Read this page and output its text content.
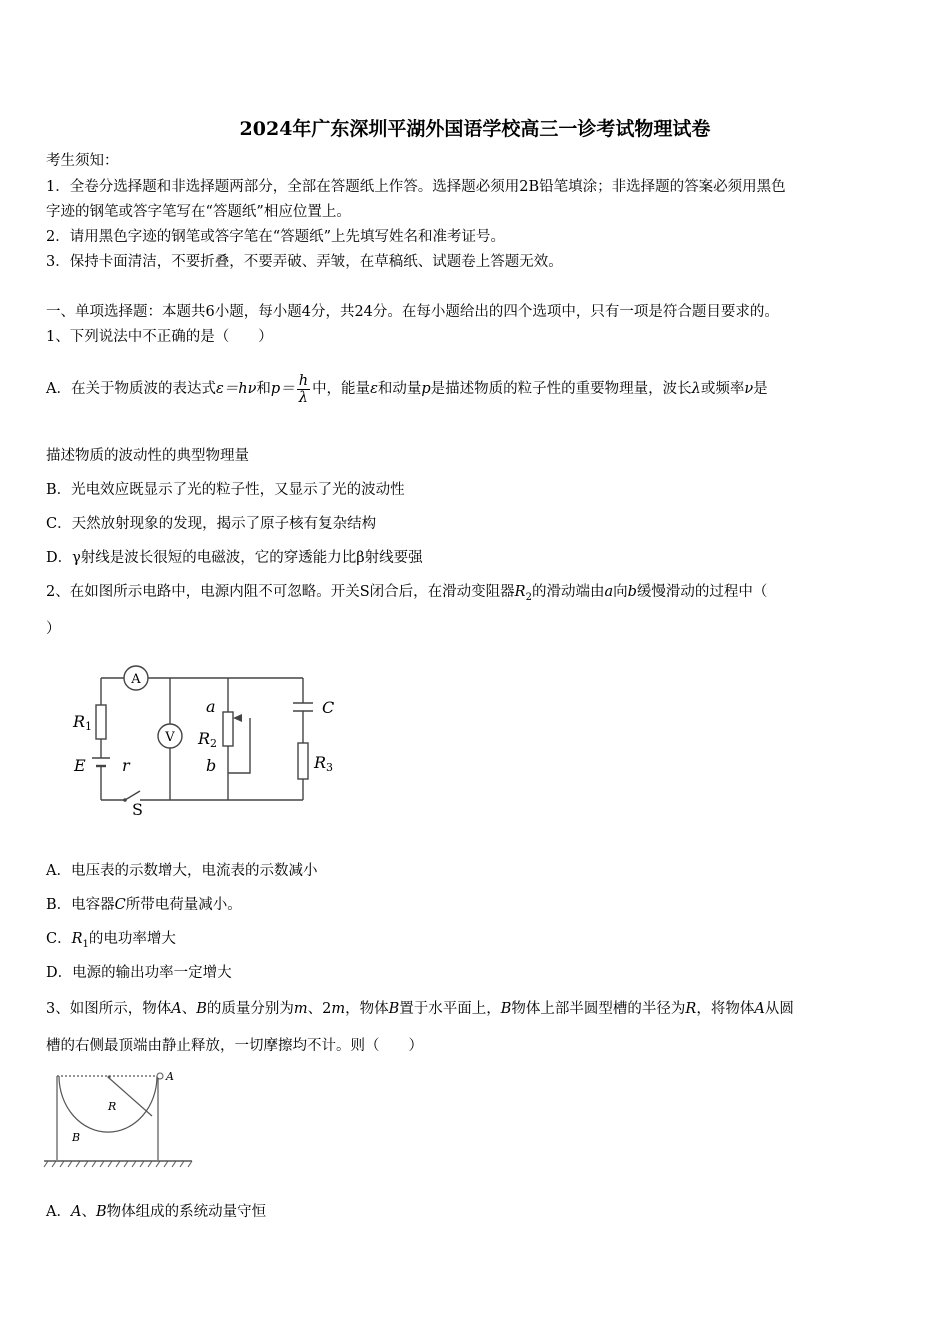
2024年广东深圳平湖外国语学校高三一诊考试物理试卷
考生须知：
1．全卷分选择题和非选择题两部分，全部在答题纸上作答。选择题必须用2B铅笔填涂；非选择题的答案必须用黑色
字迹的钢笔或答字笔写在“答题纸”相应位置上。
2．请用黑色字迹的钢笔或答字笔在“答题纸”上先填写姓名和准考证号。
3．保持卡面清洁，不要折叠，不要弄破、弄皱，在草稿纸、试题卷上答题无效。
一、单项选择题：本题共6小题，每小题4分，共24分。在每小题给出的四个选项中，只有一项是符合题目要求的。
1、下列说法中不正确的是（　　）
A．在关于物质波的表达式ε＝hν和$p= \frac{h}{\lambda}$ 中，能量ε和动量p是描述物质的粒子性的重要物理量，波长λ或频率ν是
描述物质的波动性的典型物理量
B．光电效应既显示了光的粒子性，又显示了光的波动性
C．天然放射现象的发现，揭示了原子核有复杂结构
D．γ射线是波长很短的电磁波，它的穿透能力比β射线要强
2、在如图所示电路中，电源内阻不可忽略。开关S闭合后，在滑动变阻器$R_2$的滑动端由a向b缓慢滑动的过程中（
）
A
V
R1
E r
S
a
R2
b
C
R3
A．电压表的示数增大，电流表的示数减小
B．电容器C所带电荷量减小。
C．$R_1$的电功率增大
D．电源的输出功率一定增大
3、如图所示，物体A、B的质量分别为m、2m，物体B置于水平面上，B物体上部半圆型槽的半径为R，将物体A从圆
槽的右侧最顶端由静止释放，一切摩擦均不计。则（　　）
A
R
B
A．A、B物体组成的系统动量守恒
